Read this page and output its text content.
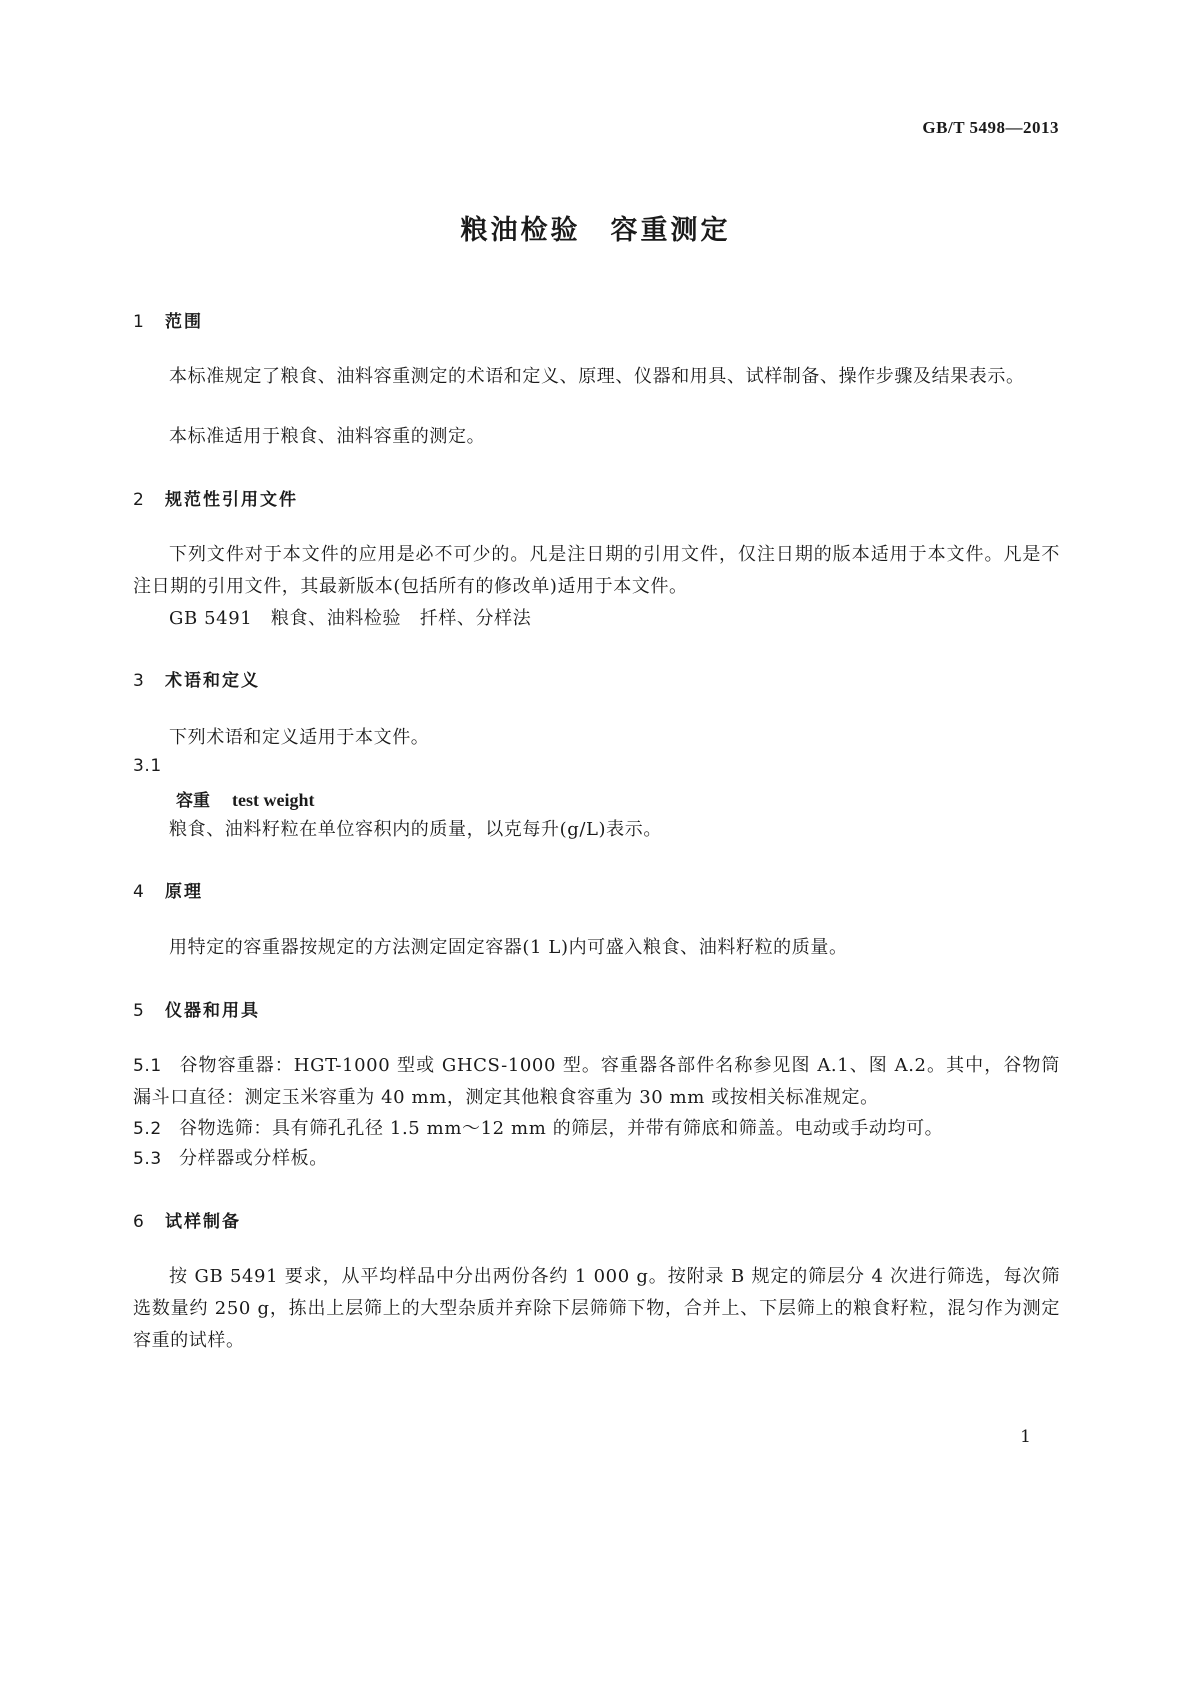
GB/T 5498—2013
粮油检验　容重测定
1 范围
本标准规定了粮食、油料容重测定的术语和定义、原理、仪器和用具、试样制备、操作步骤及结果表示。
本标准适用于粮食、油料容重的测定。
2 规范性引用文件
下列文件对于本文件的应用是必不可少的。凡是注日期的引用文件，仅注日期的版本适用于本文件。凡是不注日期的引用文件，其最新版本(包括所有的修改单)适用于本文件。
GB 5491　粮食、油料检验　扦样、分样法
3 术语和定义
下列术语和定义适用于本文件。
3.1
容重 test weight
粮食、油料籽粒在单位容积内的质量，以克每升(g/L)表示。
4 原理
用特定的容重器按规定的方法测定固定容器(1 L)内可盛入粮食、油料籽粒的质量。
5 仪器和用具
5.1 谷物容重器：HGT-1000 型或 GHCS-1000 型。容重器各部件名称参见图 A.1、图 A.2。其中，谷物筒漏斗口直径：测定玉米容重为 40 mm，测定其他粮食容重为 30 mm 或按相关标准规定。
5.2 谷物选筛：具有筛孔孔径 1.5 mm～12 mm 的筛层，并带有筛底和筛盖。电动或手动均可。
5.3 分样器或分样板。
6 试样制备
按 GB 5491 要求，从平均样品中分出两份各约 1 000 g。按附录 B 规定的筛层分 4 次进行筛选，每次筛选数量约 250 g，拣出上层筛上的大型杂质并弃除下层筛筛下物，合并上、下层筛上的粮食籽粒，混匀作为测定容重的试样。
1
